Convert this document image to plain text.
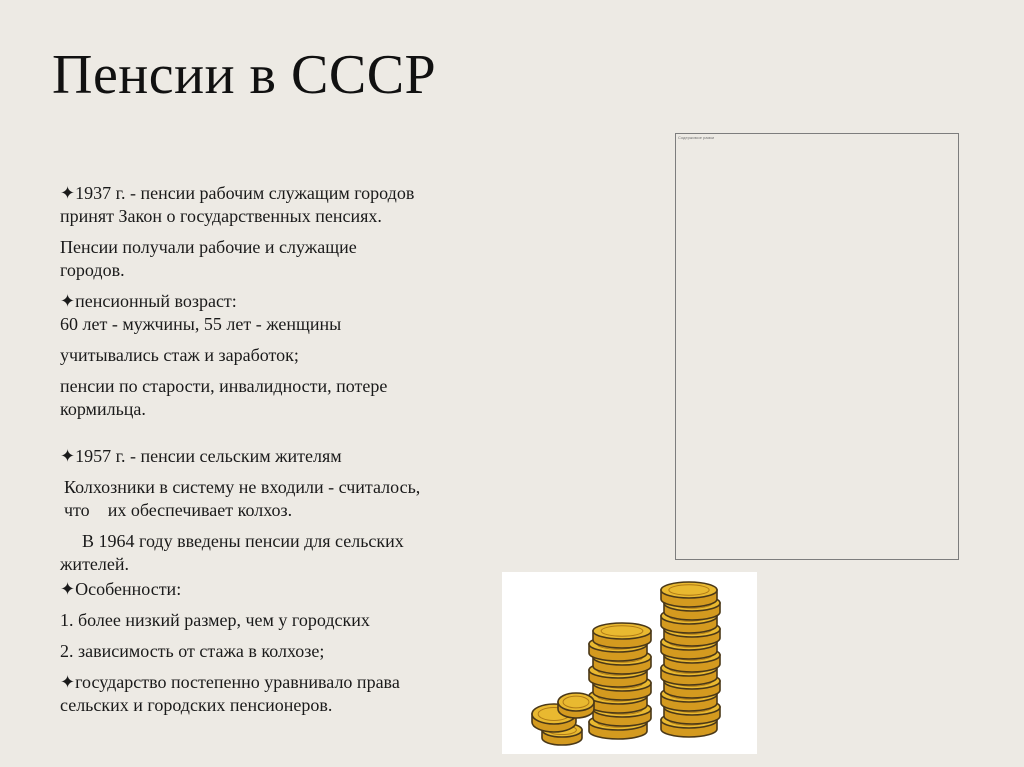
Пенсии в СССР
✦1937 г. - пенсии рабочим служащим городов
принят Закон о государственных пенсиях.
Пенсии получали рабочие и служащие
городов.
✦пенсионный возраст:
60 лет - мужчины, 55 лет - женщины
учитывались стаж и заработок;
пенсии по старости, инвалидности, потере
кормильца.
✦1957 г. - пенсии сельским жителям
Колхозники в систему не входили - считалось,
что их обеспечивает колхоз.
В 1964 году введены пенсии для сельских
жителей.
✦Особенности:
1. более низкий размер, чем у городских
2. зависимость от стажа в колхозе;
✦государство постепенно уравнивало права
сельских и городских пенсионеров.
Содержимое рамки
